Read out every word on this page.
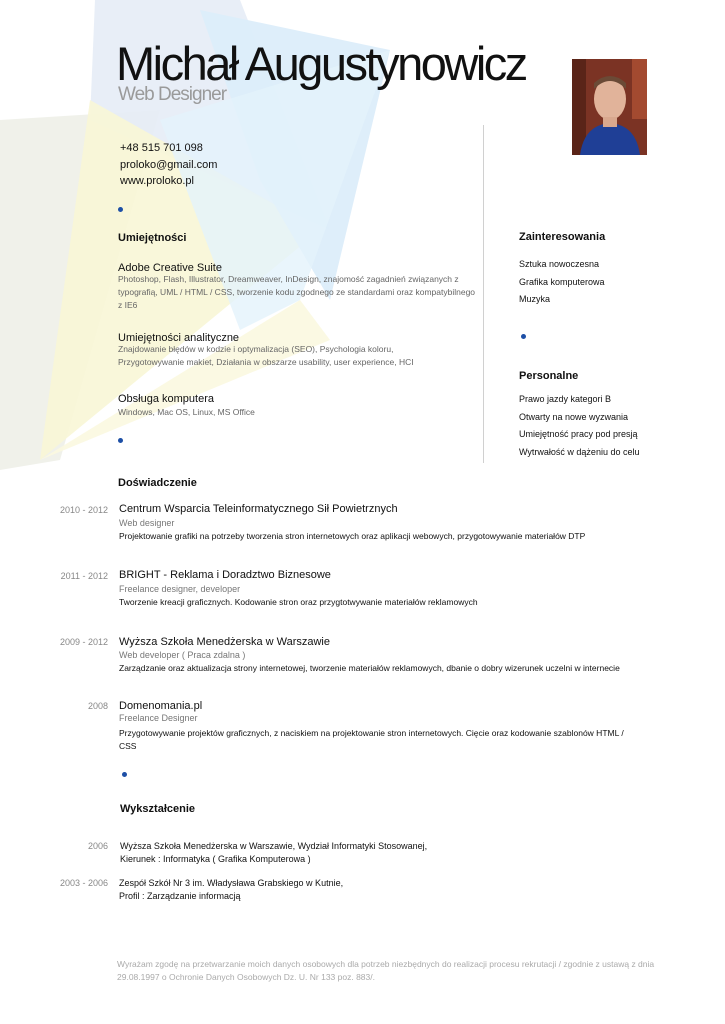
Michał Augustynowicz
Web Designer
+48 515 701 098
proloko@gmail.com
www.proloko.pl
Umiejętności
Adobe Creative Suite
Photoshop, Flash, Illustrator, Dreamweaver, InDesign, znajomość zagadnień związanych z typografią, UML / HTML / CSS, tworzenie kodu zgodnego ze standardami oraz kompatybilnego z IE6
Umiejętności analityczne
Znajdowanie błędów w kodzie i optymalizacja (SEO), Psychologia koloru, Przygotowywanie makiet, Działania w obszarze usability, user experience, HCI
Obsługa komputera
Windows, Mac OS, Linux, MS Office
Zainteresowania
Sztuka nowoczesna
Grafika komputerowa
Muzyka
Personalne
Prawo jazdy kategori B
Otwarty na nowe wyzwania
Umiejętność pracy pod presją
Wytrwałość w dążeniu do celu
Doświadczenie
2010 - 2012 Centrum Wsparcia Teleinformatycznego Sił Powietrznych
Web designer
Projektowanie grafiki na potrzeby tworzenia stron internetowych oraz aplikacji webowych, przygotowywanie materiałów DTP
2011 - 2012 BRIGHT - Reklama i Doradztwo Biznesowe
Freelance designer, developer
Tworzenie kreacji graficznych. Kodowanie stron oraz przygtotwywanie materiałów reklamowych
2009 - 2012 Wyższa Szkoła Menedżerska w Warszawie
Web developer ( Praca zdalna )
Zarządzanie oraz aktualizacja strony internetowej, tworzenie materiałów reklamowych, dbanie o dobry wizerunek uczelni w internecie
2008 Domenomania.pl
Freelance Designer
Przygotowywanie projektów graficznych, z naciskiem na projektowanie stron internetowych. Cięcie oraz kodowanie szablonów HTML / CSS
Wykształcenie
2006 Wyższa Szkoła Menedżerska w Warszawie, Wydział Informatyki Stosowanej,
Kierunek : Informatyka ( Grafika Komputerowa )
2003 - 2006 Zespół Szkół Nr 3 im. Władysława Grabskiego w Kutnie,
Profil : Zarządzanie informacją
Wyrażam zgodę na przetwarzanie moich danych osobowych dla potrzeb niezbędnych do realizacji procesu rekrutacji / zgodnie z ustawą z dnia 29.08.1997 o Ochronie Danych Osobowych Dz. U. Nr 133 poz. 883/.
